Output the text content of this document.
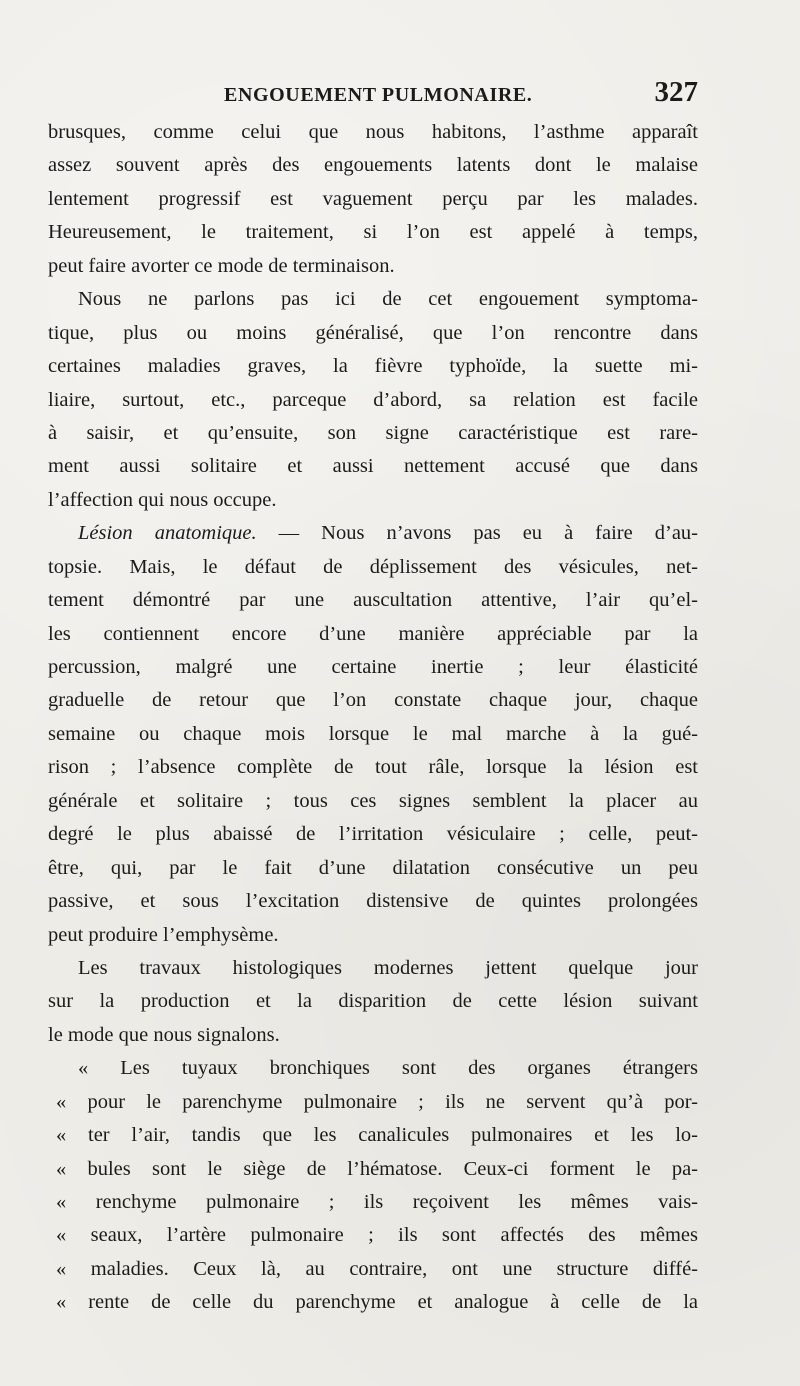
ENGOUEMENT PULMONAIRE.	327
brusques, comme celui que nous habitons, l’asthme apparaît
assez souvent après des engouements latents dont le malaise
lentement progressif est vaguement perçu par les malades.
Heureusement, le traitement, si l’on est appelé à temps,
peut faire avorter ce mode de terminaison.
Nous ne parlons pas ici de cet engouement symptoma-
tique, plus ou moins généralisé, que l’on rencontre dans
certaines maladies graves, la fièvre typhoïde, la suette mi-
liaire, surtout, etc., parceque d’abord, sa relation est facile
à saisir, et qu’ensuite, son signe caractéristique est rare-
ment aussi solitaire et aussi nettement accusé que dans
l’affection qui nous occupe.
Lésion anatomique. — Nous n’avons pas eu à faire d’au-
topsie. Mais, le défaut de déplissement des vésicules, net-
tement démontré par une auscultation attentive, l’air qu’el-
les contiennent encore d’une manière appréciable par la
percussion, malgré une certaine inertie ; leur élasticité
graduelle de retour que l’on constate chaque jour, chaque
semaine ou chaque mois lorsque le mal marche à la gué-
rison ; l’absence complète de tout râle, lorsque la lésion est
générale et solitaire ; tous ces signes semblent la placer au
degré le plus abaissé de l’irritation vésiculaire ; celle, peut-
être, qui, par le fait d’une dilatation consécutive un peu
passive, et sous l’excitation distensive de quintes prolongées
peut produire l’emphysème.
Les travaux histologiques modernes jettent quelque jour
sur la production et la disparition de cette lésion suivant
le mode que nous signalons.
« Les tuyaux bronchiques sont des organes étrangers
« pour le parenchyme pulmonaire ; ils ne servent qu’à por-
« ter l’air, tandis que les canalicules pulmonaires et les lo-
« bules sont le siège de l’hématose. Ceux-ci forment le pa-
« renchyme pulmonaire ; ils reçoivent les mêmes vais-
« seaux, l’artère pulmonaire ; ils sont affectés des mêmes
« maladies. Ceux là, au contraire, ont une structure diffé-
« rente de celle du parenchyme et analogue à celle de la
